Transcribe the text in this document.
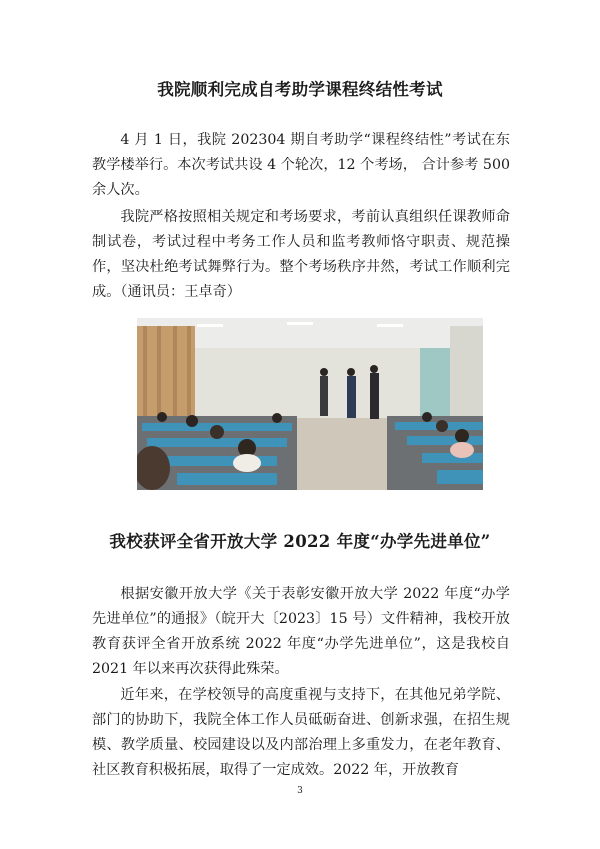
我院顺利完成自考助学课程终结性考试

4 月 1 日，我院 202304 期自考助学“课程终结性”考试在东教学楼举行。本次考试共设 4 个轮次，12 个考场， 合计参考 500 余人次。

我院严格按照相关规定和考场要求，考前认真组织任课教师命制试卷，考试过程中考务工作人员和监考教师恪守职责、规范操作，坚决杜绝考试舞弊行为。整个考场秩序井然，考试工作顺利完成。（通讯员：王卓奇）

我校获评全省开放大学 2022 年度“办学先进单位”

根据安徽开放大学《关于表彰安徽开放大学 2022 年度“办学先进单位”的通报》（皖开大〔2023〕15 号）文件精神，我校开放教育获评全省开放系统 2022 年度“办学先进单位”，这是我校自 2021 年以来再次获得此殊荣。

近年来，在学校领导的高度重视与支持下，在其他兄弟学院、部门的协助下，我院全体工作人员砥砺奋进、创新求强，在招生规模、教学质量、校园建设以及内部治理上多重发力，在老年教育、社区教育积极拓展，取得了一定成效。2022 年，开放教育

3
